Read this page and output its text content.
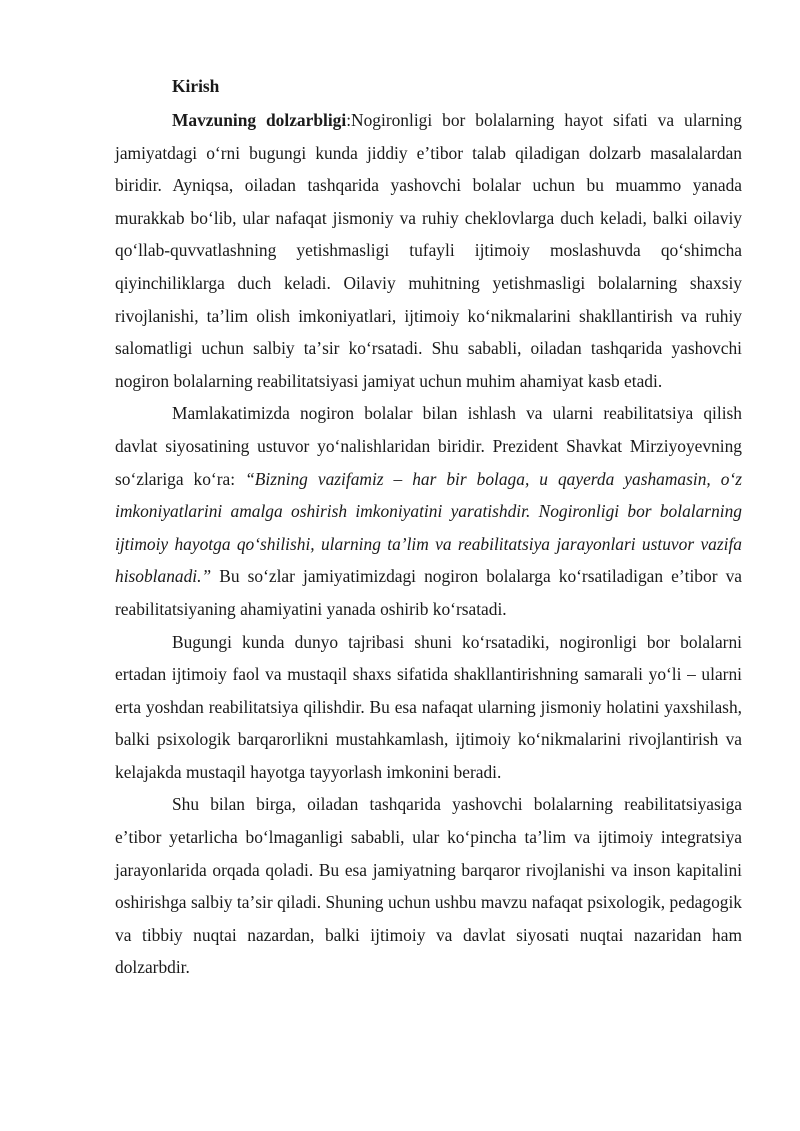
Kirish

Mavzuning dolzarbligi:Nogironligi bor bolalarning hayot sifati va ularning jamiyatdagi oʻrni bugungi kunda jiddiy eʼtibor talab qiladigan dolzarb masalalardan biridir. Ayniqsa, oiladan tashqarida yashovchi bolalar uchun bu muammo yanada murakkab boʻlib, ular nafaqat jismoniy va ruhiy cheklovlarga duch keladi, balki oilaviy qoʻllab-quvvatlashning yetishmasligi tufayli ijtimoiy moslashuvda qoʻshimcha qiyinchiliklarga duch keladi. Oilaviy muhitning yetishmasligi bolalarning shaxsiy rivojlanishi, taʼlim olish imkoniyatlari, ijtimoiy koʻnikmalarini shakllantirish va ruhiy salomatligi uchun salbiy taʼsir koʻrsatadi. Shu sababli, oiladan tashqarida yashovchi nogiron bolalarning reabilitatsiyasi jamiyat uchun muhim ahamiyat kasb etadi.

Mamlakatimizda nogiron bolalar bilan ishlash va ularni reabilitatsiya qilish davlat siyosatining ustuvor yoʻnalishlaridan biridir. Prezident Shavkat Mirziyoyevning soʻzlariga koʻra: “Bizning vazifamiz – har bir bolaga, u qayerda yashamasin, oʻz imkoniyatlarini amalga oshirish imkoniyatini yaratishdir. Nogironligi bor bolalarning ijtimoiy hayotga qoʻshilishi, ularning taʼlim va reabilitatsiya jarayonlari ustuvor vazifa hisoblanadi.” Bu soʻzlar jamiyatimizdagi nogiron bolalarga koʻrsatiladigan eʼtibor va reabilitatsiyaning ahamiyatini yanada oshirib koʻrsatadi.

Bugungi kunda dunyo tajribasi shuni koʻrsatadiki, nogironligi bor bolalarni ertadan ijtimoiy faol va mustaqil shaxs sifatida shakllantirishning samarali yoʻli – ularni erta yoshdan reabilitatsiya qilishdir. Bu esa nafaqat ularning jismoniy holatini yaxshilash, balki psixologik barqarorlikni mustahkamlash, ijtimoiy koʻnikmalarini rivojlantirish va kelajakda mustaqil hayotga tayyorlash imkonini beradi.

Shu bilan birga, oiladan tashqarida yashovchi bolalarning reabilitatsiyasiga eʼtibor yetarlicha boʻlmaganligi sababli, ular koʻpincha taʼlim va ijtimoiy integratsiya jarayonlarida orqada qoladi. Bu esa jamiyatning barqaror rivojlanishi va inson kapitalini oshirishga salbiy taʼsir qiladi. Shuning uchun ushbu mavzu nafaqat psixologik, pedagogik va tibbiy nuqtai nazardan, balki ijtimoiy va davlat siyosati nuqtai nazaridan ham dolzarbdir.
